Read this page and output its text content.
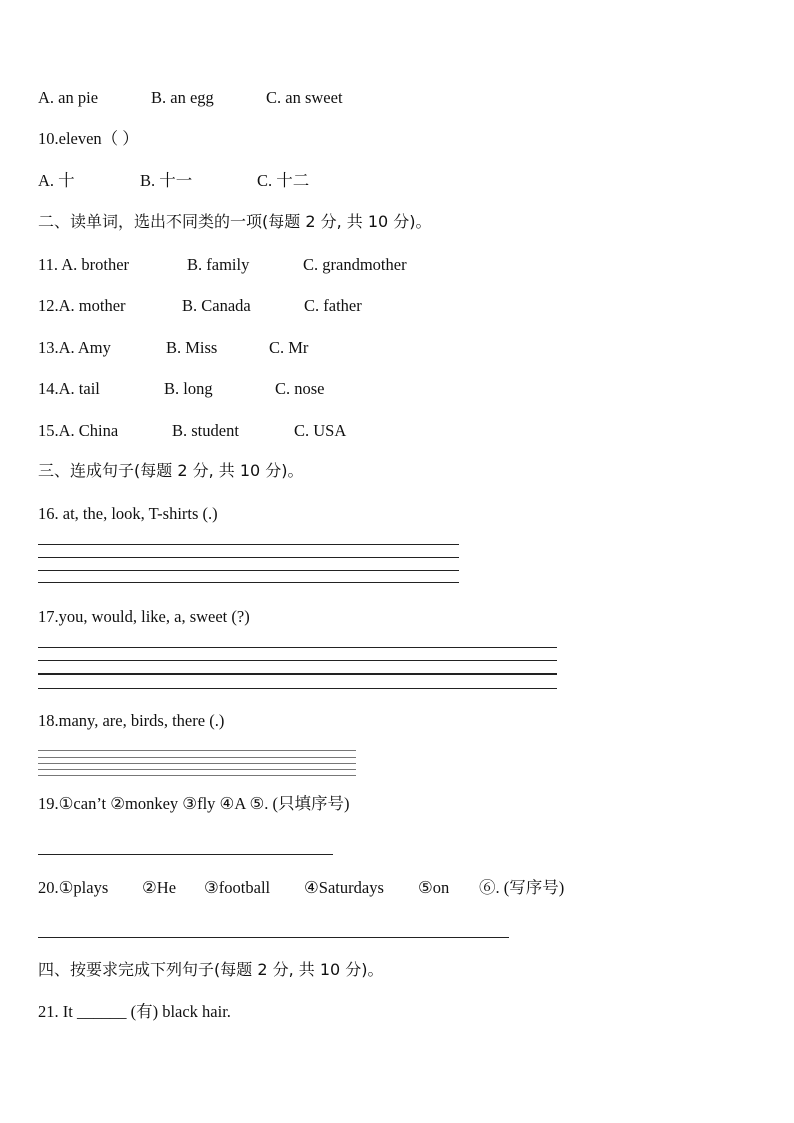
A. an pie	B. an egg	C. an sweet
10.eleven（ ）
A. 十	B. 十一	C. 十二
二、读单词，选出不同类的一项(每题 2 分, 共 10 分)。
11. A. brother	B. family	C. grandmother
12.A. mother	B. Canada	C. father
13.A. Amy	B. Miss	C. Mr
14.A. tail	B. long	C. nose
15.A. China	B. student	C. USA
三、连成句子(每题 2 分, 共 10 分)。
16. at, the, look, T-shirts (.)
17.you, would, like, a, sweet (?)
18.many, are, birds, there (.)
19.①can’t ②monkey ③fly ④A ⑤. (只填序号)
20.①plays ②He ③football ④Saturdays ⑤on ⑥. (写序号)
四、按要求完成下列句子(每题 2 分, 共 10 分)。
21. It ______ (有) black hair.
